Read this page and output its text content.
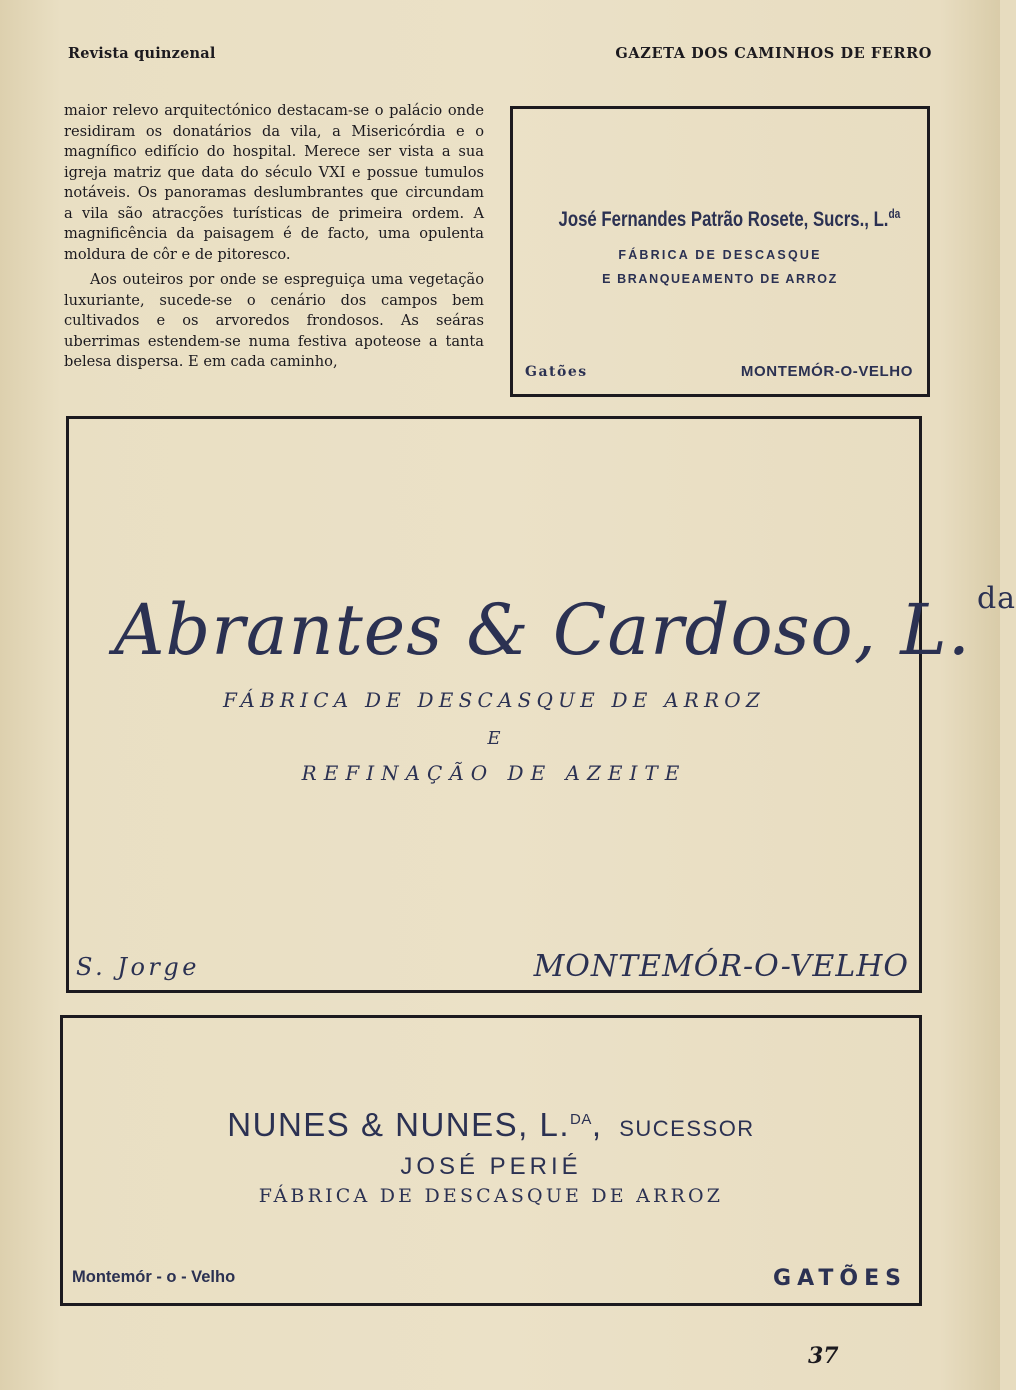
Revista quinzenal	GAZETA DOS CAMINHOS DE FERRO

maior relevo arquitectónico destacam-se o palácio onde residiram os donatários da vila, a Misericórdia e o magnífico edifício do hospital. Merece ser vista a sua igreja matriz que data do século VXI e possue tumulos notáveis. Os panoramas deslumbrantes que circundam a vila são atracções turísticas de primeira ordem. A magnificência da paisagem é de facto, uma opulenta moldura de côr e de pitoresco.

Aos outeiros por onde se espreguiça uma vegetação luxuriante, sucede-se o cenário dos campos bem cultivados e os arvoredos frondosos. As seáras uberrimas estendem-se numa festiva apoteose a tanta belesa dispersa. E em cada caminho,

José Fernandes Patrão Rosete, Sucrs., L.$^{da}$
FÁBRICA DE DESCASQUE
E BRANQUEAMENTO DE ARROZ
Gatões	MONTEMÓR-O-VELHO
Abrantes & Cardoso, L. $^{da}$
FÁBRICA DE DESCASQUE DE ARROZ
E
REFINAÇÃO DE AZEITE
S. Jorge	MONTEMÓR-O-VELHO
NUNES & NUNES, L.$^{DA}$, SUCESSOR
JOSÉ PERIÉ
FÁBRICA DE DESCASQUE DE ARROZ
Montemór - o - Velho	GATÕES
37
